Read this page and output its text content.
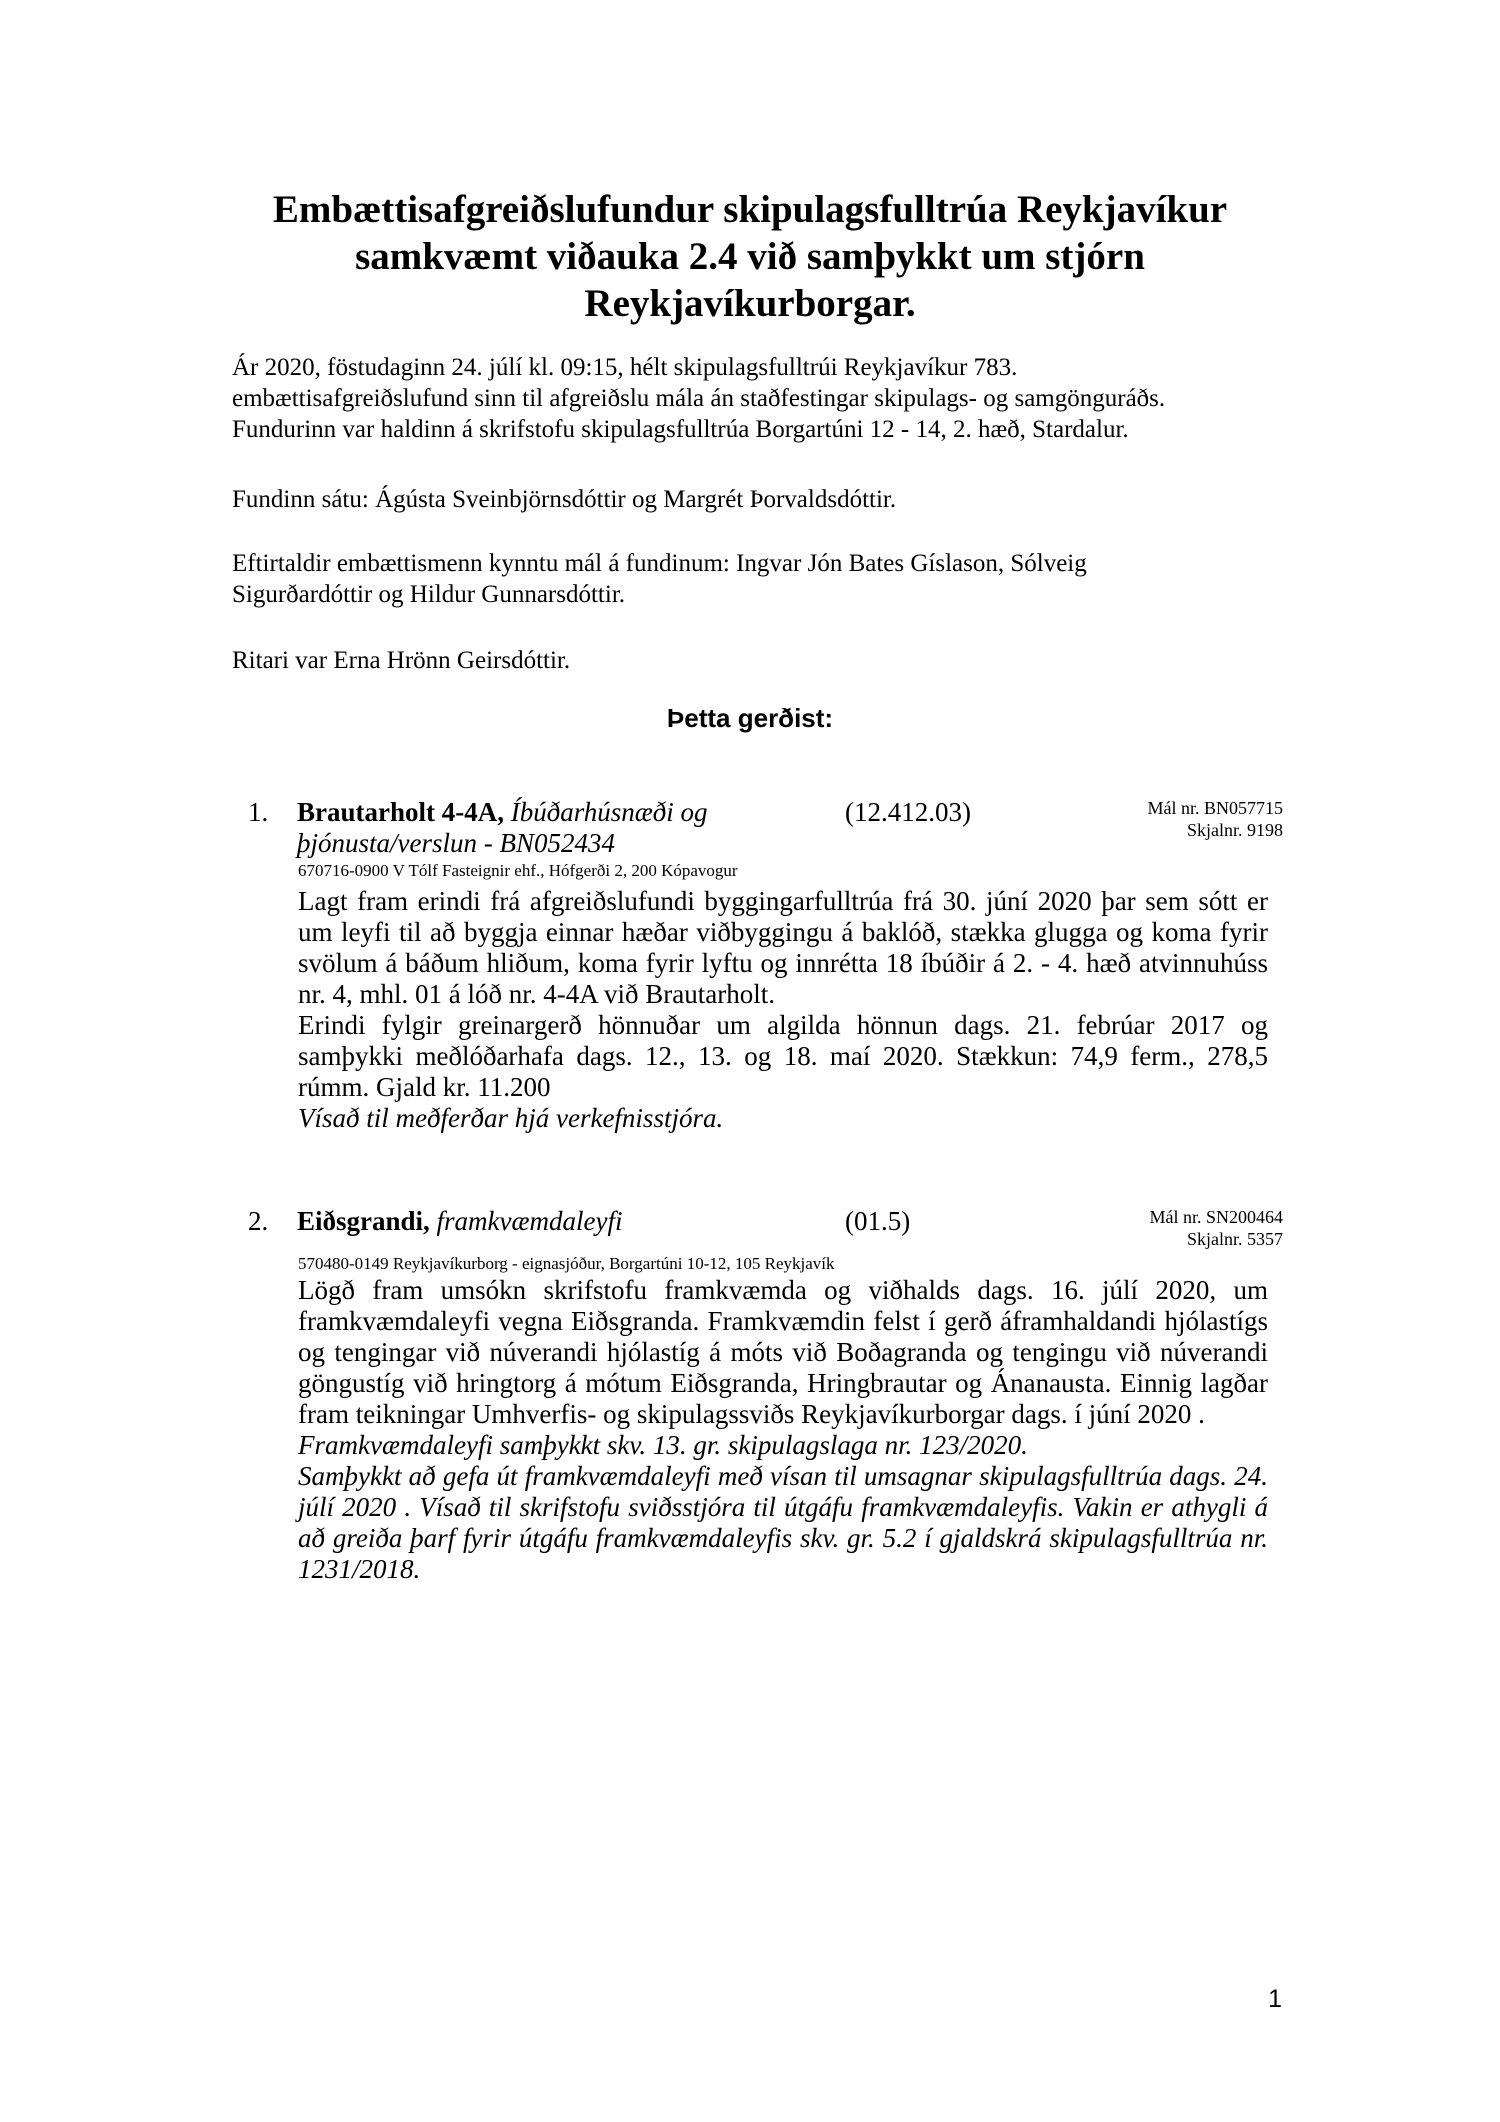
Embættisafgreiðslufundur skipulagsfulltrúa Reykjavíkur samkvæmt viðauka 2.4 við samþykkt um stjórn Reykjavíkurborgar.
Ár 2020, föstudaginn 24. júlí kl. 09:15, hélt skipulagsfulltrúi Reykjavíkur 783.
embættisafgreiðslufund sinn til afgreiðslu mála án staðfestingar skipulags- og samgönguráðs.
Fundurinn var haldinn á skrifstofu skipulagsfulltrúa Borgartúni 12 - 14, 2. hæð, Stardalur.
Fundinn sátu: Ágústa Sveinbjörnsdóttir og Margrét Þorvaldsdóttir.
Eftirtaldir embættismenn kynntu mál á fundinum: Ingvar Jón Bates Gíslason, Sólveig
Sigurðardóttir og Hildur Gunnarsdóttir.
Ritari var Erna Hrönn Geirsdóttir.
Þetta gerðist:
1. Brautarholt 4-4A, Íbúðarhúsnæði og
þjónusta/verslun - BN052434
(12.412.03)	Mál nr. BN057715
Skjalnr. 9198
670716-0900 V Tólf Fasteignir ehf., Hófgerði 2, 200 Kópavogur

Lagt fram erindi frá afgreiðslufundi byggingarfulltrúa frá 30. júní 2020 þar sem sótt er um leyfi til að byggja einnar hæðar viðbyggingu á baklóð, stækka glugga og koma fyrir svölum á báðum hliðum, koma fyrir lyftu og innrétta 18 íbúðir á 2. - 4. hæð atvinnuhúss nr. 4, mhl. 01 á lóð nr. 4-4A við Brautarholt.

Erindi fylgir greinargerð hönnuðar um algilda hönnun dags. 21. febrúar 2017 og samþykki meðlóðarhafa dags. 12., 13. og 18. maí 2020. Stækkun: 74,9 ferm., 278,5 rúmm. Gjald kr. 11.200

Vísað til meðferðar hjá verkefnisstjóra.

2. Eiðsgrandi, framkvæmdaleyfi	(01.5)	Mál nr. SN200464
Skjalnr. 5357
570480-0149 Reykjavíkurborg - eignasjóður, Borgartúni 10-12, 105 Reykjavík

Lögð fram umsókn skrifstofu framkvæmda og viðhalds dags. 16. júlí 2020, um framkvæmdaleyfi vegna Eiðsgranda. Framkvæmdin felst í gerð áframhaldandi hjólastígs og tengingar við núverandi hjólastíg á móts við Boðagranda og tengingu við núverandi göngustíg við hringtorg á mótum Eiðsgranda, Hringbrautar og Ánanausta. Einnig lagðar fram teikningar Umhverfis- og skipulagssviðs Reykjavíkurborgar dags. í júní 2020 .

Framkvæmdaleyfi samþykkt skv. 13. gr. skipulagslaga nr. 123/2020.

Samþykkt að gefa út framkvæmdaleyfi með vísan til umsagnar skipulagsfulltrúa dags. 24. júlí 2020 . Vísað til skrifstofu sviðsstjóra til útgáfu framkvæmdaleyfis. Vakin er athygli á að greiða þarf fyrir útgáfu framkvæmdaleyfis skv. gr. 5.2 í gjaldskrá skipulagsfulltrúa nr. 1231/2018.

1
